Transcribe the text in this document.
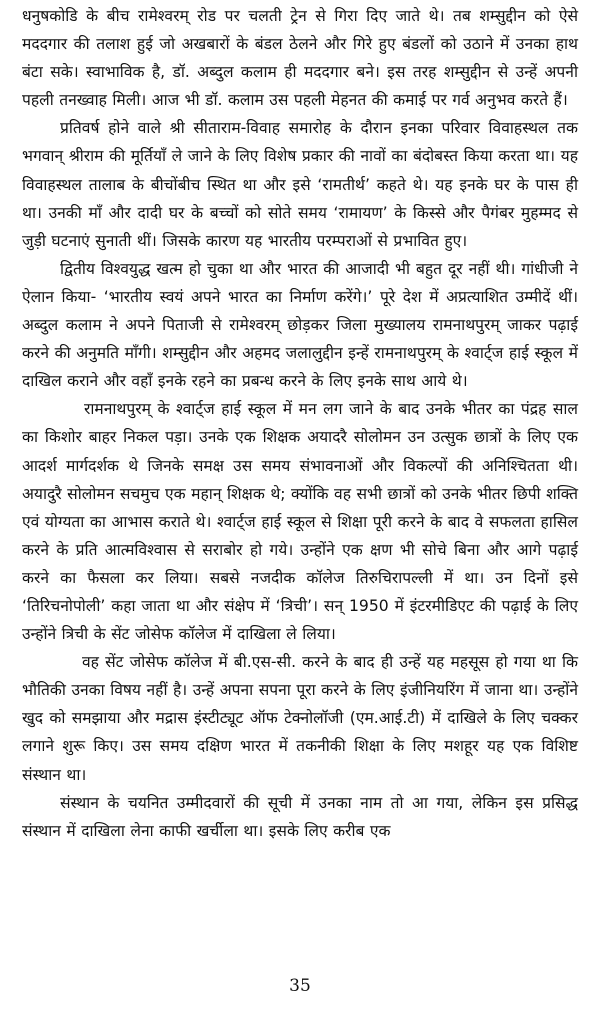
धनुषकोडि के बीच रामेश्वरम् रोड पर चलती ट्रेन से गिरा दिए जाते थे। तब शम्सुद्दीन को ऐसे मददगार की तलाश हुई जो अखबारों के बंडल ठेलने और गिरे हुए बंडलों को उठाने में उनका हाथ बंटा सके। स्वाभाविक है, डॉ. अब्दुल कलाम ही मददगार बने। इस तरह शम्सुद्दीन से उन्हें अपनी पहली तनख्वाह मिली। आज भी डॉ. कलाम उस पहली मेहनत की कमाई पर गर्व अनुभव करते हैं।

प्रतिवर्ष होने वाले श्री सीताराम-विवाह समारोह के दौरान इनका परिवार विवाहस्थल तक भगवान् श्रीराम की मूर्तियाँ ले जाने के लिए विशेष प्रकार की नावों का बंदोबस्त किया करता था। यह विवाहस्थल तालाब के बीचोंबीच स्थित था और इसे ‘रामतीर्थ’ कहते थे। यह इनके घर के पास ही था। उनकी माँ और दादी घर के बच्चों को सोते समय ‘रामायण’ के किस्से और पैगंबर मुहम्मद से जुड़ी घटनाएं सुनाती थीं। जिसके कारण यह भारतीय परम्पराओं से प्रभावित हुए।

द्वितीय विश्वयुद्ध खत्म हो चुका था और भारत की आजादी भी बहुत दूर नहीं थी। गांधीजी ने ऐलान किया- ‘भारतीय स्वयं अपने भारत का निर्माण करेंगे।’ पूरे देश में अप्रत्याशित उम्मीदें थीं। अब्दुल कलाम ने अपने पिताजी से रामेश्वरम् छोड़कर जिला मुख्यालय रामनाथपुरम् जाकर पढ़ाई करने की अनुमति माँगी। शम्सुद्दीन और अहमद जलालुद्दीन इन्हें रामनाथपुरम् के श्वार्ट्ज हाई स्कूल में दाखिल कराने और वहाँ इनके रहने का प्रबन्ध करने के लिए इनके साथ आये थे।

रामनाथपुरम् के श्वार्ट्ज हाई स्कूल में मन लग जाने के बाद उनके भीतर का पंद्रह साल का किशोर बाहर निकल पड़ा। उनके एक शिक्षक अयादरै सोलोमन उन उत्सुक छात्रों के लिए एक आदर्श मार्गदर्शक थे जिनके समक्ष उस समय संभावनाओं और विकल्पों की अनिश्चितता थी। अयादुरै सोलोमन सचमुच एक महान् शिक्षक थे; क्योंकि वह सभी छात्रों को उनके भीतर छिपी शक्ति एवं योग्यता का आभास कराते थे। श्वार्ट्ज हाई स्कूल से शिक्षा पूरी करने के बाद वे सफलता हासिल करने के प्रति आत्मविश्वास से सराबोर हो गये। उन्होंने एक क्षण भी सोचे बिना और आगे पढ़ाई करने का फैसला कर लिया। सबसे नजदीक कॉलेज तिरुचिरापल्ली में था। उन दिनों इसे ‘तिरिचनोपोली’ कहा जाता था और संक्षेप में ‘त्रिची’। सन् 1950 में इंटरमीडिएट की पढ़ाई के लिए उन्होंने त्रिची के सेंट जोसेफ कॉलेज में दाखिला ले लिया।

वह सेंट जोसेफ कॉलेज में बी.एस-सी. करने के बाद ही उन्हें यह महसूस हो गया था कि भौतिकी उनका विषय नहीं है। उन्हें अपना सपना पूरा करने के लिए इंजीनियरिंग में जाना था। उन्होंने खुद को समझाया और मद्रास इंस्टीट्यूट ऑफ टेक्नोलॉजी (एम.आई.टी) में दाखिले के लिए चक्कर लगाने शुरू किए। उस समय दक्षिण भारत में तकनीकी शिक्षा के लिए मशहूर यह एक विशिष्ट संस्थान था।

संस्थान के चयनित उम्मीदवारों की सूची में उनका नाम तो आ गया, लेकिन इस प्रसिद्ध संस्थान में दाखिला लेना काफी खर्चीला था। इसके लिए करीब एक

35
